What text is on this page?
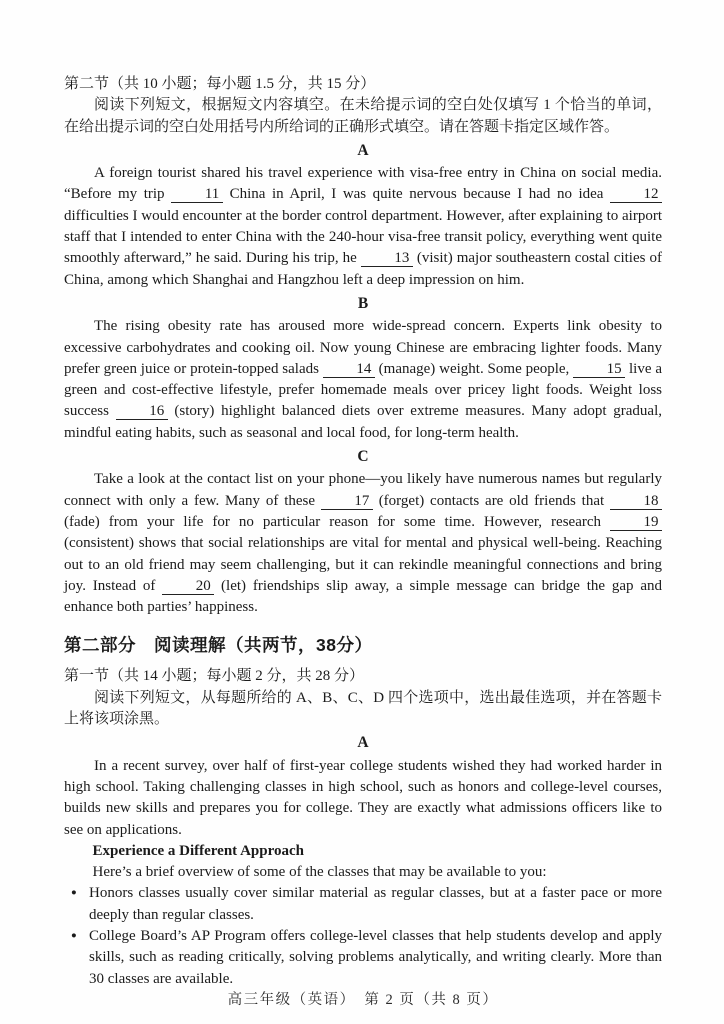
第二节（共 10 小题；每小题 1.5 分，共 15 分）

阅读下列短文，根据短文内容填空。在未给提示词的空白处仅填写 1 个恰当的单词，在给出提示词的空白处用括号内所给词的正确形式填空。请在答题卡指定区域作答。

A

A foreign tourist shared his travel experience with visa-free entry in China on social media. “Before my trip 11 China in April, I was quite nervous because I had no idea 12 difficulties I would encounter at the border control department. However, after explaining to airport staff that I intended to enter China with the 240-hour visa-free transit policy, everything went quite smoothly afterward,” he said. During his trip, he 13 (visit) major southeastern costal cities of China, among which Shanghai and Hangzhou left a deep impression on him.

B

The rising obesity rate has aroused more wide-spread concern. Experts link obesity to excessive carbohydrates and cooking oil. Now young Chinese are embracing lighter foods. Many prefer green juice or protein-topped salads 14 (manage) weight. Some people, 15 live a green and cost-effective lifestyle, prefer homemade meals over pricey light foods. Weight loss success 16 (story) highlight balanced diets over extreme measures. Many adopt gradual, mindful eating habits, such as seasonal and local food, for long-term health.

C

Take a look at the contact list on your phone—you likely have numerous names but regularly connect with only a few. Many of these 17 (forget) contacts are old friends that 18 (fade) from your life for no particular reason for some time. However, research 19 (consistent) shows that social relationships are vital for mental and physical well-being. Reaching out to an old friend may seem challenging, but it can rekindle meaningful connections and bring joy. Instead of 20 (let) friendships slip away, a simple message can bridge the gap and enhance both parties’ happiness.

第二部分　阅读理解（共两节，38分）

第一节（共 14 小题；每小题 2 分，共 28 分）

阅读下列短文，从每题所给的 A、B、C、D 四个选项中，选出最佳选项，并在答题卡上将该项涂黑。

A

In a recent survey, over half of first-year college students wished they had worked harder in high school. Taking challenging classes in high school, such as honors and college-level courses, builds new skills and prepares you for college. They are exactly what admissions officers like to see on applications.

Experience a Different Approach

Here’s a brief overview of some of the classes that may be available to you:

● Honors classes usually cover similar material as regular classes, but at a faster pace or more deeply than regular classes.
● College Board’s AP Program offers college-level classes that help students develop and apply skills, such as reading critically, solving problems analytically, and writing clearly. More than 30 classes are available.
高三年级（英语）　第 2 页（共 8 页）
